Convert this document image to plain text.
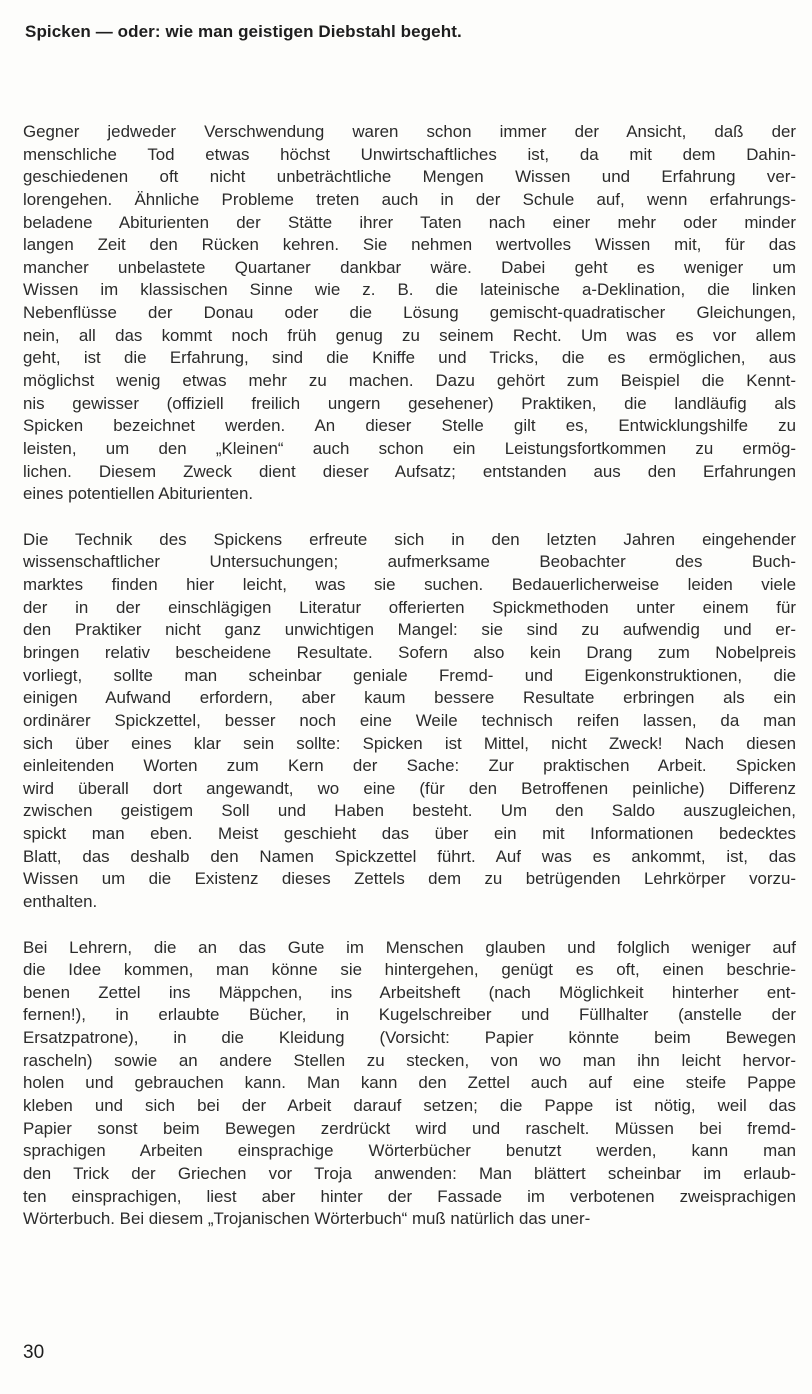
Spicken — oder: wie man geistigen Diebstahl begeht.
Gegner jedweder Verschwendung waren schon immer der Ansicht, daß der
menschliche Tod etwas höchst Unwirtschaftliches ist, da mit dem Dahin-
geschiedenen oft nicht unbeträchtliche Mengen Wissen und Erfahrung ver-
lorengehen. Ähnliche Probleme treten auch in der Schule auf, wenn erfahrungs-
beladene Abiturienten der Stätte ihrer Taten nach einer mehr oder minder
langen Zeit den Rücken kehren. Sie nehmen wertvolles Wissen mit, für das
mancher unbelastete Quartaner dankbar wäre. Dabei geht es weniger um
Wissen im klassischen Sinne wie z. B. die lateinische a-Deklination, die linken
Nebenflüsse der Donau oder die Lösung gemischt-quadratischer Gleichungen,
nein, all das kommt noch früh genug zu seinem Recht. Um was es vor allem
geht, ist die Erfahrung, sind die Kniffe und Tricks, die es ermöglichen, aus
möglichst wenig etwas mehr zu machen. Dazu gehört zum Beispiel die Kennt-
nis gewisser (offiziell freilich ungern gesehener) Praktiken, die landläufig als
Spicken bezeichnet werden. An dieser Stelle gilt es, Entwicklungshilfe zu
leisten, um den „Kleinen“ auch schon ein Leistungsfortkommen zu ermög-
lichen. Diesem Zweck dient dieser Aufsatz; entstanden aus den Erfahrungen
eines potentiellen Abiturienten.
Die Technik des Spickens erfreute sich in den letzten Jahren eingehender
wissenschaftlicher Untersuchungen; aufmerksame Beobachter des Buch-
marktes finden hier leicht, was sie suchen. Bedauerlicherweise leiden viele
der in der einschlägigen Literatur offerierten Spickmethoden unter einem für
den Praktiker nicht ganz unwichtigen Mangel: sie sind zu aufwendig und er-
bringen relativ bescheidene Resultate. Sofern also kein Drang zum Nobelpreis
vorliegt, sollte man scheinbar geniale Fremd- und Eigenkonstruktionen, die
einigen Aufwand erfordern, aber kaum bessere Resultate erbringen als ein
ordinärer Spickzettel, besser noch eine Weile technisch reifen lassen, da man
sich über eines klar sein sollte: Spicken ist Mittel, nicht Zweck! Nach diesen
einleitenden Worten zum Kern der Sache: Zur praktischen Arbeit. Spicken
wird überall dort angewandt, wo eine (für den Betroffenen peinliche) Differenz
zwischen geistigem Soll und Haben besteht. Um den Saldo auszugleichen,
spickt man eben. Meist geschieht das über ein mit Informationen bedecktes
Blatt, das deshalb den Namen Spickzettel führt. Auf was es ankommt, ist, das
Wissen um die Existenz dieses Zettels dem zu betrügenden Lehrkörper vorzu-
enthalten.
Bei Lehrern, die an das Gute im Menschen glauben und folglich weniger auf
die Idee kommen, man könne sie hintergehen, genügt es oft, einen beschrie-
benen Zettel ins Mäppchen, ins Arbeitsheft (nach Möglichkeit hinterher ent-
fernen!), in erlaubte Bücher, in Kugelschreiber und Füllhalter (anstelle der
Ersatzpatrone), in die Kleidung (Vorsicht: Papier könnte beim Bewegen
rascheln) sowie an andere Stellen zu stecken, von wo man ihn leicht hervor-
holen und gebrauchen kann. Man kann den Zettel auch auf eine steife Pappe
kleben und sich bei der Arbeit darauf setzen; die Pappe ist nötig, weil das
Papier sonst beim Bewegen zerdrückt wird und raschelt. Müssen bei fremd-
sprachigen Arbeiten einsprachige Wörterbücher benutzt werden, kann man
den Trick der Griechen vor Troja anwenden: Man blättert scheinbar im erlaub-
ten einsprachigen, liest aber hinter der Fassade im verbotenen zweisprachigen
Wörterbuch. Bei diesem „Trojanischen Wörterbuch“ muß natürlich das uner-
30
